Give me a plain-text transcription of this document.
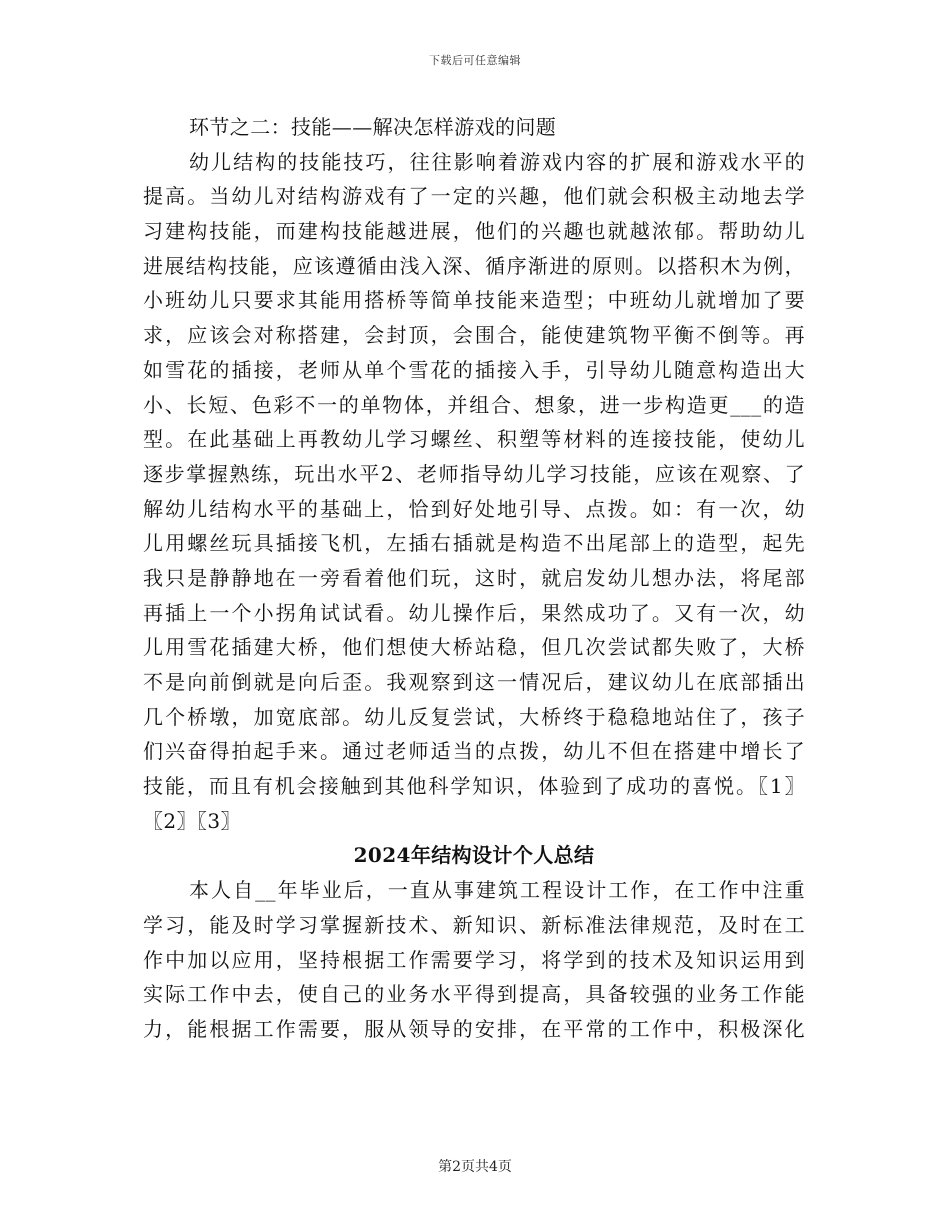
下载后可任意编辑
环节之二：技能——解决怎样游戏的问题
幼儿结构的技能技巧，往往影响着游戏内容的扩展和游戏水平的
提高。当幼儿对结构游戏有了一定的兴趣，他们就会积极主动地去学
习建构技能，而建构技能越进展，他们的兴趣也就越浓郁。帮助幼儿
进展结构技能，应该遵循由浅入深、循序渐进的原则。以搭积木为例，
小班幼儿只要求其能用搭桥等简单技能来造型；中班幼儿就增加了要
求，应该会对称搭建，会封顶，会围合，能使建筑物平衡不倒等。再
如雪花的插接，老师从单个雪花的插接入手，引导幼儿随意构造出大
小、长短、色彩不一的单物体，并组合、想象，进一步构造更___的造
型。在此基础上再教幼儿学习螺丝、积塑等材料的连接技能，使幼儿
逐步掌握熟练，玩出水平2、老师指导幼儿学习技能，应该在观察、了
解幼儿结构水平的基础上，恰到好处地引导、点拨。如：有一次，幼
儿用螺丝玩具插接飞机，左插右插就是构造不出尾部上的造型，起先
我只是静静地在一旁看着他们玩，这时，就启发幼儿想办法，将尾部
再插上一个小拐角试试看。幼儿操作后，果然成功了。又有一次，幼
儿用雪花插建大桥，他们想使大桥站稳，但几次尝试都失败了，大桥
不是向前倒就是向后歪。我观察到这一情况后，建议幼儿在底部插出
几个桥墩，加宽底部。幼儿反复尝试，大桥终于稳稳地站住了，孩子
们兴奋得拍起手来。通过老师适当的点拨，幼儿不但在搭建中增长了
技能，而且有机会接触到其他科学知识，体验到了成功的喜悦。〖1〗
〖2〗〖3〗
2024年结构设计个人总结
本人自__年毕业后，一直从事建筑工程设计工作，在工作中注重
学习，能及时学习掌握新技术、新知识、新标准法律规范，及时在工
作中加以应用，坚持根据工作需要学习，将学到的技术及知识运用到
实际工作中去，使自己的业务水平得到提高，具备较强的业务工作能
力，能根据工作需要，服从领导的安排，在平常的工作中，积极深化
第2页共4页
